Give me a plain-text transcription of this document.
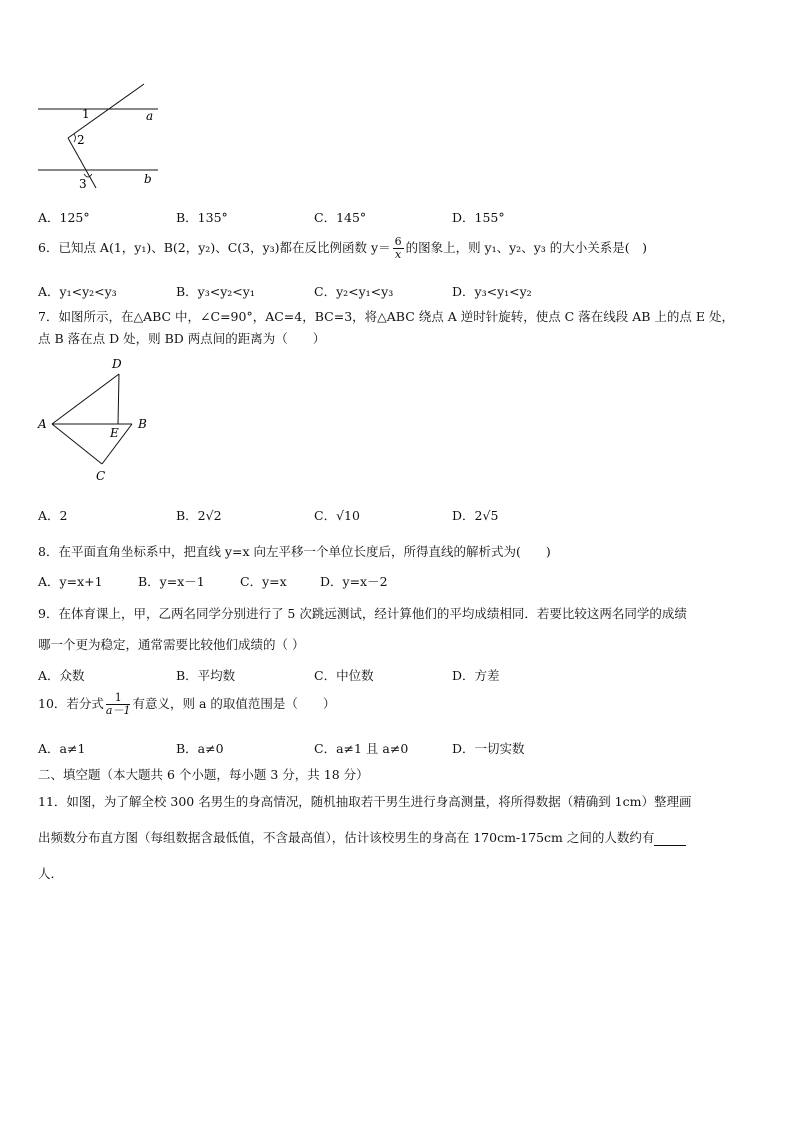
1
2
3
a
b
A．125°	B．135°	C．145°	D．155°
6．已知点 A(1，y₁)、B(2，y₂)、C(3，y₃)都在反比例函数 $y= \frac{6}{x}$ 的图象上，则 y₁、y₂、y₃ 的大小关系是(　)
A．y₁<y₂<y₃	B．y₃<y₂<y₁	C．y₂<y₁<y₃	D．y₃<y₁<y₂
7．如图所示，在△ABC 中，∠C=90°，AC=4，BC=3，将△ABC 绕点 A 逆时针旋转，使点 C 落在线段 AB 上的点 E 处，
点 B 落在点 D 处，则 BD 两点间的距离为（　　）
D
A
E
B
C
A．2	B．2√2	C．√10	D．2√5
8．在平面直角坐标系中，把直线 y=x 向左平移一个单位长度后，所得直线的解析式为(　　)
A．y=x+1	B．y=x－1	C．y=x	D．y=x－2
9．在体育课上，甲，乙两名同学分别进行了 5 次跳远测试，经计算他们的平均成绩相同．若要比较这两名同学的成绩
哪一个更为稳定，通常需要比较他们成绩的（ ）
A．众数	B．平均数	C．中位数	D．方差
10．若分式 $\frac{1}{a-1}$ 有意义，则 a 的取值范围是（　　）
A．a≠1	B．a≠0	C．a≠1 且 a≠0	D．一切实数
二、填空题（本大题共 6 个小题，每小题 3 分，共 18 分）
11．如图，为了解全校 300 名男生的身高情况，随机抽取若干男生进行身高测量，将所得数据（精确到 1cm）整理画
出频数分布直方图（每组数据含最低值，不含最高值），估计该校男生的身高在 170cm-175cm 之间的人数约有
人．
